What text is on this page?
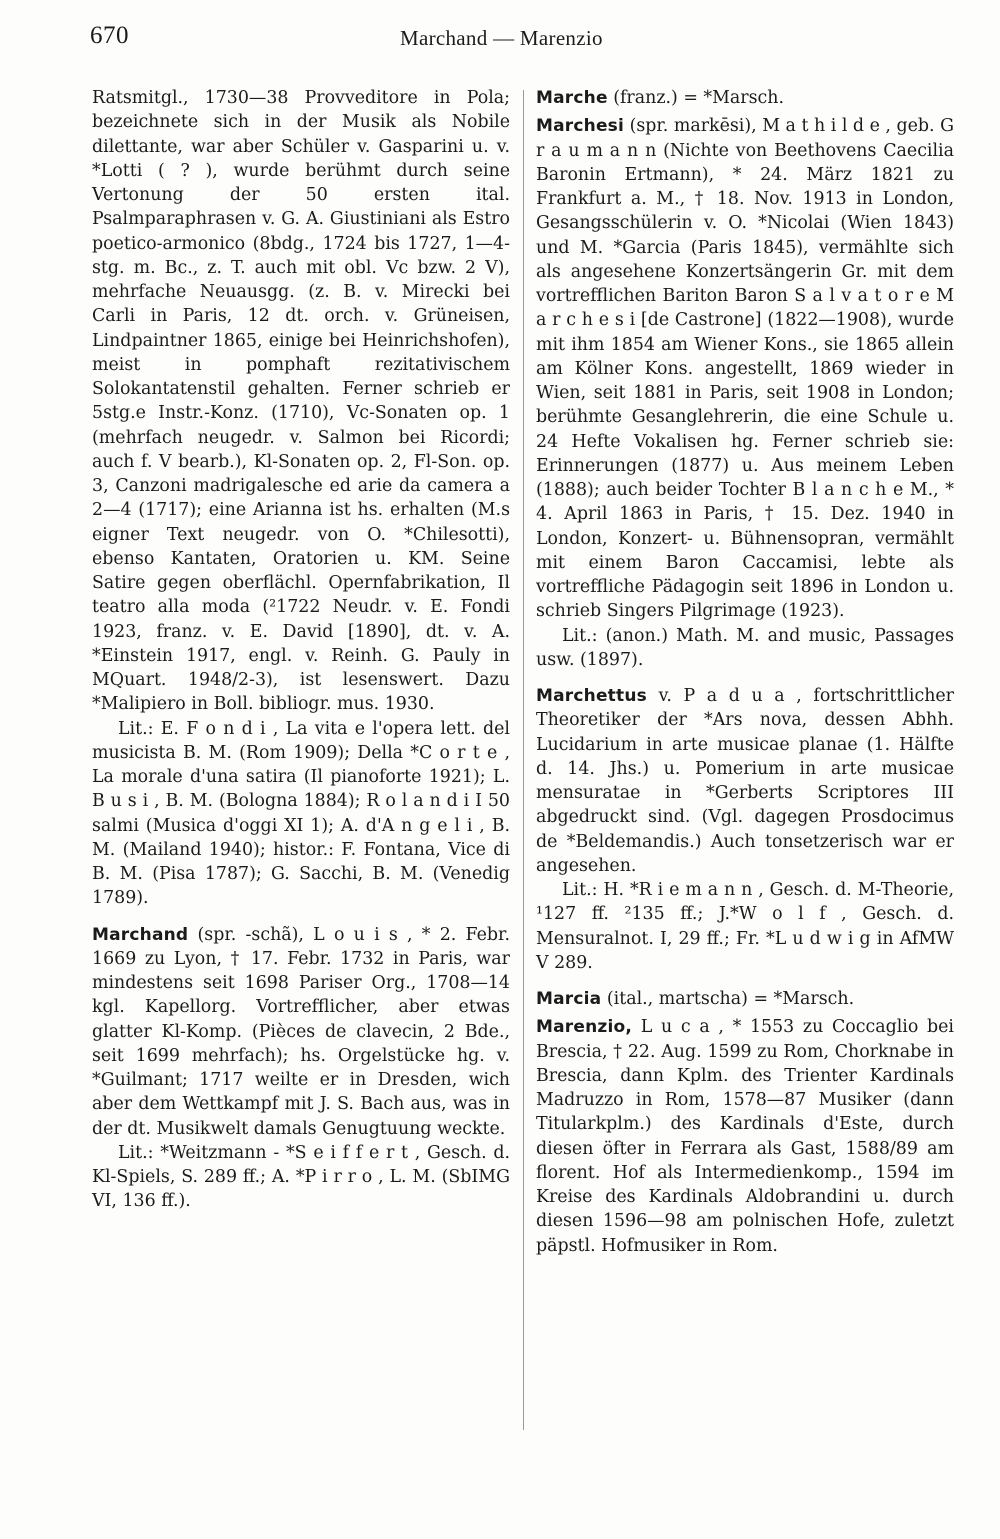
670	Marchand — Marenzio

Ratsmitgl., 1730—38 Provveditore in Pola; bezeichnete sich in der Musik als Nobile dilettante, war aber Schüler v. Gasparini u. v. *Lotti ( ? ), wurde berühmt durch seine Vertonung der 50 ersten ital. Psalmparaphrasen v. G. A. Giustiniani als Estro poetico-armonico (8bdg., 1724 bis 1727, 1—4-stg. m. Bc., z. T. auch mit obl. Vc bzw. 2 V), mehrfache Neuausgg. (z. B. v. Mirecki bei Carli in Paris, 12 dt. orch. v. Grüneisen, Lindpaintner 1865, einige bei Heinrichshofen), meist in pomphaft rezitativischem Solokantatenstil gehalten. Ferner schrieb er 5stg.e Instr.-Konz. (1710), Vc-Sonaten op. 1 (mehrfach neugedr. v. Salmon bei Ricordi; auch f. V bearb.), Kl-Sonaten op. 2, Fl-Son. op. 3, Canzoni madrigalesche ed arie da camera a 2—4 (1717); eine Arianna ist hs. erhalten (M.s eigner Text neugedr. von O. *Chilesotti), ebenso Kantaten, Oratorien u. KM. Seine Satire gegen oberflächl. Opernfabrikation, Il teatro alla moda (²1722 Neudr. v. E. Fondi 1923, franz. v. E. David [1890], dt. v. A. *Einstein 1917, engl. v. Reinh. G. Pauly in MQuart. 1948/2-3), ist lesenswert. Dazu *Malipiero in Boll. bibliogr. mus. 1930.

Lit.: E. F o n d i , La vita e l'opera lett. del musicista B. M. (Rom 1909); Della *C o r t e , La morale d'una satira (Il pianoforte 1921); L. B u s i , B. M. (Bologna 1884); R o l a n d i I 50 salmi (Musica d'oggi XI 1); A. d'A n g e l i , B. M. (Mailand 1940); histor.: F. Fontana, Vice di B. M. (Pisa 1787); G. Sacchi, B. M. (Venedig 1789).

Marchand (spr. -schã), L o u i s , * 2. Febr. 1669 zu Lyon, † 17. Febr. 1732 in Paris, war mindestens seit 1698 Pariser Org., 1708—14 kgl. Kapellorg. Vortrefflicher, aber etwas glatter Kl-Komp. (Pièces de clavecin, 2 Bde., seit 1699 mehrfach); hs. Orgelstücke hg. v. *Guilmant; 1717 weilte er in Dresden, wich aber dem Wettkampf mit J. S. Bach aus, was in der dt. Musikwelt damals Genugtuung weckte.

Lit.: *Weitzmann - *S e i f f e r t , Gesch. d. Kl-Spiels, S. 289 ff.; A. *P i r r o , L. M. (SbIMG VI, 136 ff.).

Marche (franz.) = *Marsch.

Marchesi (spr. markēsi), M a t h i l d e , geb. G r a u m a n n (Nichte von Beethovens Caecilia Baronin Ertmann), * 24. März 1821 zu Frankfurt a. M., † 18. Nov. 1913 in London, Gesangsschülerin v. O. *Nicolai (Wien 1843) und M. *Garcia (Paris 1845), vermählte sich als angesehene Konzertsängerin Gr. mit dem vortrefflichen Bariton Baron S a l v a t o r e M a r c h e s i [de Castrone] (1822—1908), wurde mit ihm 1854 am Wiener Kons., sie 1865 allein am Kölner Kons. angestellt, 1869 wieder in Wien, seit 1881 in Paris, seit 1908 in London; berühmte Gesanglehrerin, die eine Schule u. 24 Hefte Vokalisen hg. Ferner schrieb sie: Erinnerungen (1877) u. Aus meinem Leben (1888); auch beider Tochter B l a n c h e M., * 4. April 1863 in Paris, † 15. Dez. 1940 in London, Konzert- u. Bühnensopran, vermählt mit einem Baron Caccamisi, lebte als vortreffliche Pädagogin seit 1896 in London u. schrieb Singers Pilgrimage (1923).

Lit.: (anon.) Math. M. and music, Passages usw. (1897).

Marchettus v. P a d u a , fortschrittlicher Theoretiker der *Ars nova, dessen Abhh. Lucidarium in arte musicae planae (1. Hälfte d. 14. Jhs.) u. Pomerium in arte musicae mensuratae in *Gerberts Scriptores III abgedruckt sind. (Vgl. dagegen Prosdocimus de *Beldemandis.) Auch tonsetzerisch war er angesehen.

Lit.: H. *R i e m a n n , Gesch. d. M-Theorie, ¹127 ff. ²135 ff.; J.*W o l f , Gesch. d. Mensuralnot. I, 29 ff.; Fr. *L u d w i g in AfMW V 289.

Marcia (ital., martscha) = *Marsch.

Marenzio, L u c a , * 1553 zu Coccaglio bei Brescia, † 22. Aug. 1599 zu Rom, Chorknabe in Brescia, dann Kplm. des Trienter Kardinals Madruzzo in Rom, 1578—87 Musiker (dann Titularkplm.) des Kardinals d'Este, durch diesen öfter in Ferrara als Gast, 1588/89 am florent. Hof als Intermedienkomp., 1594 im Kreise des Kardinals Aldobrandini u. durch diesen 1596—98 am polnischen Hofe, zuletzt päpstl. Hofmusiker in Rom.
